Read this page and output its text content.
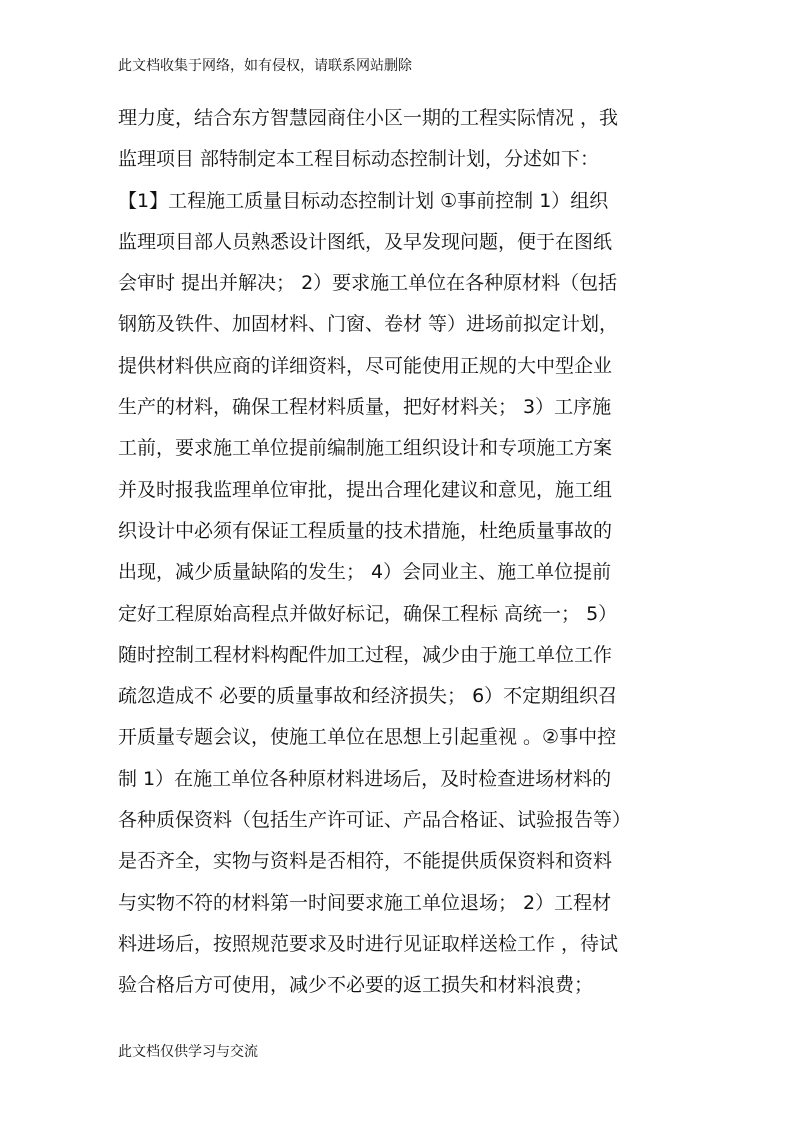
此文档收集于网络，如有侵权，请联系网站删除
理力度，结合东方智慧园商住小区一期的工程实际情况 ，我
监理项目 部特制定本工程目标动态控制计划，分述如下：
【1】工程施工质量目标动态控制计划 ①事前控制 1）组织
监理项目部人员熟悉设计图纸，及早发现问题，便于在图纸
会审时 提出并解决； 2）要求施工单位在各种原材料（包括
钢筋及铁件、加固材料、门窗、卷材 等）进场前拟定计划，
提供材料供应商的详细资料，尽可能使用正规的大中型企业
生产的材料，确保工程材料质量，把好材料关； 3）工序施
工前，要求施工单位提前编制施工组织设计和专项施工方案
并及时报我监理单位审批，提出合理化建议和意见，施工组
织设计中必须有保证工程质量的技术措施，杜绝质量事故的
出现，减少质量缺陷的发生； 4）会同业主、施工单位提前
定好工程原始高程点并做好标记，确保工程标 高统一； 5）
随时控制工程材料构配件加工过程，减少由于施工单位工作
疏忽造成不 必要的质量事故和经济损失； 6）不定期组织召
开质量专题会议，使施工单位在思想上引起重视 。②事中控
制 1）在施工单位各种原材料进场后，及时检查进场材料的
各种质保资料（包括生产许可证、产品合格证、试验报告等）
是否齐全，实物与资料是否相符，不能提供质保资料和资料
与实物不符的材料第一时间要求施工单位退场； 2）工程材
料进场后，按照规范要求及时进行见证取样送检工作 ，待试
验合格后方可使用，减少不必要的返工损失和材料浪费；
此文档仅供学习与交流
